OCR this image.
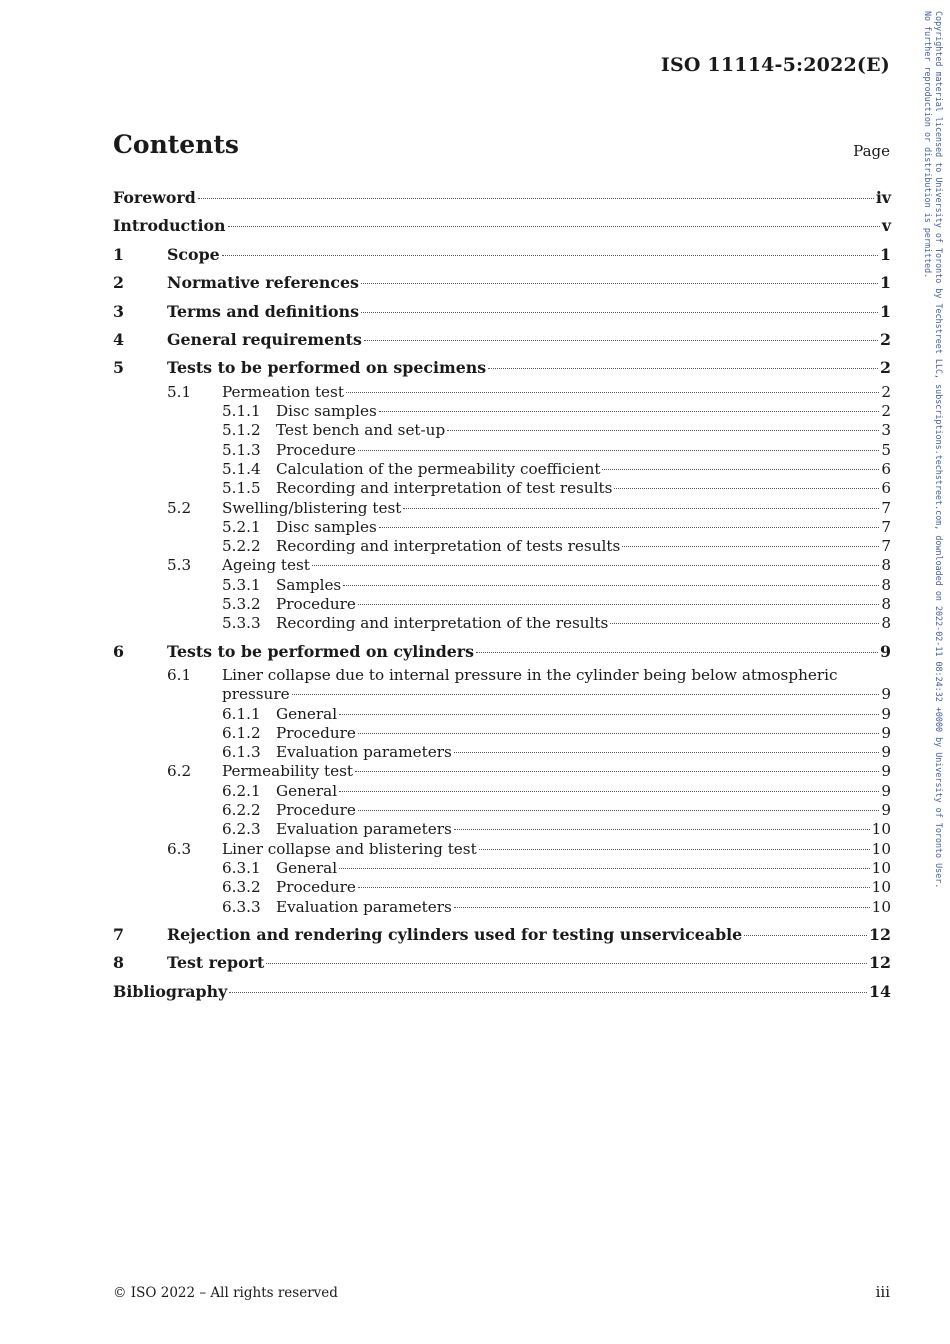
ISO 11114-5:2022(E)	Copyrighted material licensed to University of Toronto by Techstreet LLC, subscriptions.techstreet.com, downloaded on 2022-02-11 08:24:32 +0000 by University of Toronto User.
No further reproduction or distribution is permitted.
Contents	Page
Foreword	iv
Introduction	v
1	Scope	1
2	Normative references	1
3	Terms and definitions	1
4	General requirements	2
5	Tests to be performed on specimens	2
5.1	Permeation test	2
5.1.1	Disc samples	2
5.1.2	Test bench and set-up	3
5.1.3	Procedure	5
5.1.4	Calculation of the permeability coefficient	6
5.1.5	Recording and interpretation of test results	6
5.2	Swelling/blistering test	7
5.2.1	Disc samples	7
5.2.2	Recording and interpretation of tests results	7
5.3	Ageing test	8
5.3.1	Samples	8
5.3.2	Procedure	8
5.3.3	Recording and interpretation of the results	8
6	Tests to be performed on cylinders	9
6.1	Liner collapse due to internal pressure in the cylinder being below atmospheric
pressure	9
6.1.1	General	9
6.1.2	Procedure	9
6.1.3	Evaluation parameters	9
6.2	Permeability test	9
6.2.1	General	9
6.2.2	Procedure	9
6.2.3	Evaluation parameters	10
6.3	Liner collapse and blistering test	10
6.3.1	General	10
6.3.2	Procedure	10
6.3.3	Evaluation parameters	10
7	Rejection and rendering cylinders used for testing unserviceable	12
8	Test report	12
Bibliography	14
© ISO 2022 – All rights reserved	iii
